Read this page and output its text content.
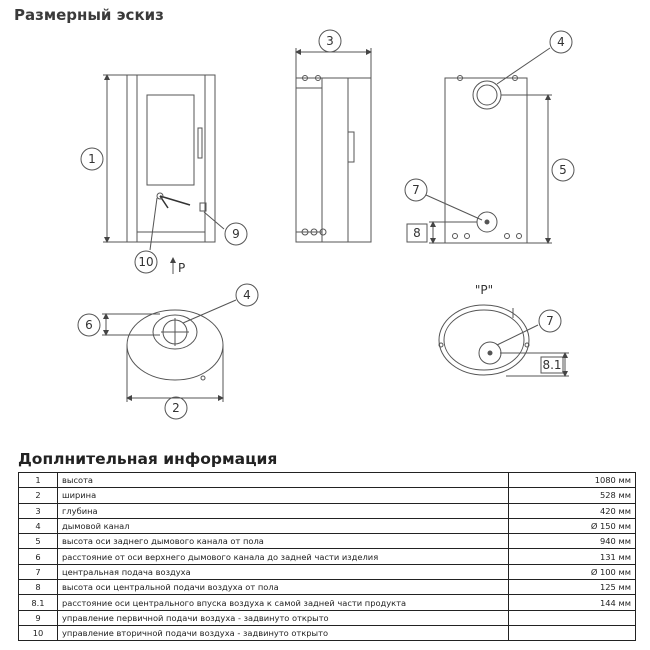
Размерный эскиз
1
2
3	4
4
5
6
7
7
8
8.1
9
10 P
"P"
Доплнительная информация
1	высота	1080 мм
2	ширина	528 мм
3	глубина	420 мм
4	дымовой канал	Ø 150 мм
5	высота оси заднего дымового канала от пола	940 мм
6	расстояние от оси верхнего дымового канала до задней части изделия	131 мм
7	центральная подача воздуха	Ø 100 мм
8	высота оси центральной подачи воздуха от пола	125 мм
8.1	расстояние оси центрального впуска воздуха к самой задней части продукта	144 мм
9	управление первичной подачи воздуха - задвинуто открыто	
10	управление вторичной подачи воздуха - задвинуто открыто	
